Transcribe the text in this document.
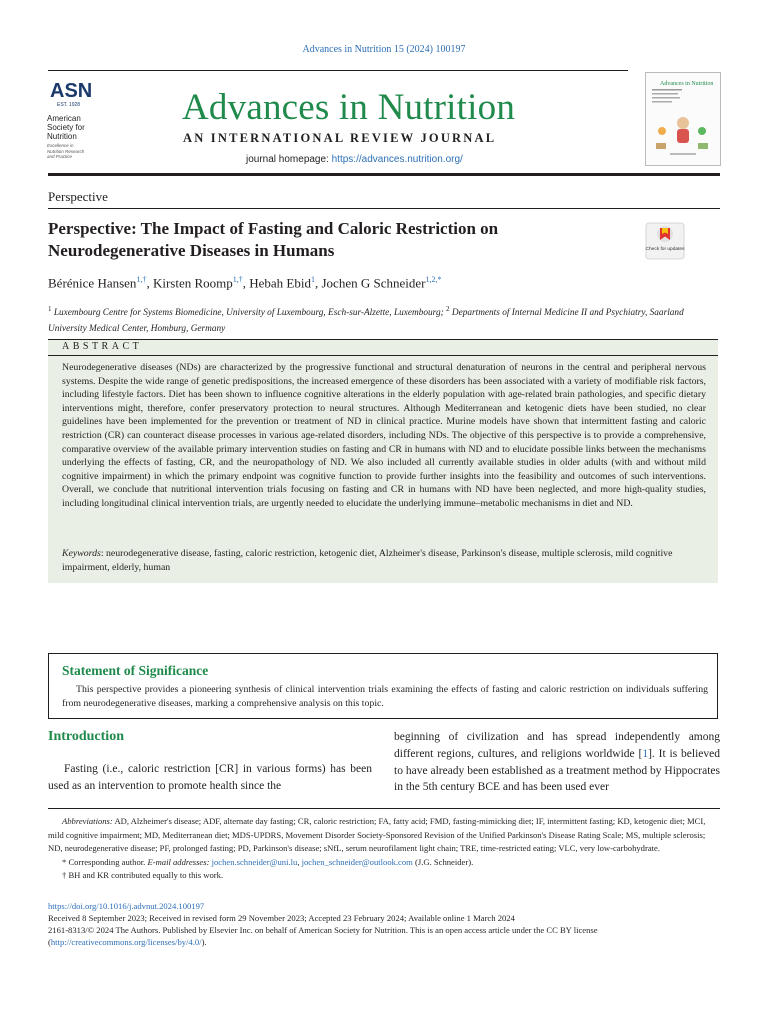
Advances in Nutrition 15 (2024) 100197
ASN
EST. 1928
American
Society for
Nutrition
Excellence in
Nutrition Research
and Practice
Advances in Nutrition
AN INTERNATIONAL REVIEW JOURNAL
journal homepage: https://advances.nutrition.org/
Advances in Nutrition
Perspective
Perspective: The Impact of Fasting and Caloric Restriction on Neurodegenerative Diseases in Humans	Check for updates
Bérénice Hansen$^{1,\dagger}$, Kirsten Roomp$^{1,\dagger}$, Hebah Ebid$^1$, Jochen G Schneider$^{1,2,*}$
$^1$ Luxembourg Centre for Systems Biomedicine, University of Luxembourg, Esch-sur-Alzette, Luxembourg; $^2$ Departments of Internal Medicine II and Psychiatry, Saarland University Medical Center, Homburg, Germany
ABSTRACT
Neurodegenerative diseases (NDs) are characterized by the progressive functional and structural denaturation of neurons in the central and peripheral nervous systems. Despite the wide range of genetic predispositions, the increased emergence of these disorders has been associated with a variety of modifiable risk factors, including lifestyle factors. Diet has been shown to influence cognitive alterations in the elderly population with age-related brain pathologies, and specific dietary interventions might, therefore, confer preservatory protection to neural structures. Although Mediterranean and ketogenic diets have been studied, no clear guidelines have been implemented for the prevention or treatment of ND in clinical practice. Murine models have shown that intermittent fasting and caloric restriction (CR) can counteract disease processes in various age-related disorders, including NDs. The objective of this perspective is to provide a comprehensive, comparative overview of the available primary intervention studies on fasting and CR in humans with ND and to elucidate possible links between the mechanisms underlying the effects of fasting, CR, and the neuropathology of ND. We also included all currently available studies in older adults (with and without mild cognitive impairment) in which the primary endpoint was cognitive function to provide further insights into the feasibility and outcomes of such interventions. Overall, we conclude that nutritional intervention trials focusing on fasting and CR in humans with ND have been neglected, and more high-quality studies, including longitudinal clinical intervention trials, are urgently needed to elucidate the underlying immune–metabolic mechanisms in diet and ND.
Keywords: neurodegenerative disease, fasting, caloric restriction, ketogenic diet, Alzheimer's disease, Parkinson's disease, multiple sclerosis, mild cognitive impairment, elderly, human
Statement of Significance
This perspective provides a pioneering synthesis of clinical intervention trials examining the effects of fasting and caloric restriction on individuals suffering from neurodegenerative diseases, marking a comprehensive analysis on this topic.
Introduction
Fasting (i.e., caloric restriction [CR] in various forms) has been used as an intervention to promote health since the
beginning of civilization and has spread independently among different regions, cultures, and religions worldwide [1]. It is believed to have already been established as a treatment method by Hippocrates in the 5th century BCE and has been used ever
Abbreviations: AD, Alzheimer's disease; ADF, alternate day fasting; CR, caloric restriction; FA, fatty acid; FMD, fasting-mimicking diet; IF, intermittent fasting; KD, ketogenic diet; MCI, mild cognitive impairment; MD, Mediterranean diet; MDS-UPDRS, Movement Disorder Society-Sponsored Revision of the Unified Parkinson's Disease Rating Scale; MS, multiple sclerosis; ND, neurodegenerative disease; PF, prolonged fasting; PD, Parkinson's disease; sNfL, serum neurofilament light chain; TRE, time-restricted eating; VLC, very low-carbohydrate.
* Corresponding author. E-mail addresses: jochen.schneider@uni.lu, jochen_schneider@outlook.com (J.G. Schneider).
† BH and KR contributed equally to this work.
https://doi.org/10.1016/j.advnut.2024.100197
Received 8 September 2023; Received in revised form 29 November 2023; Accepted 23 February 2024; Available online 1 March 2024
2161-8313/© 2024 The Authors. Published by Elsevier Inc. on behalf of American Society for Nutrition. This is an open access article under the CC BY license (http://creativecommons.org/licenses/by/4.0/).
